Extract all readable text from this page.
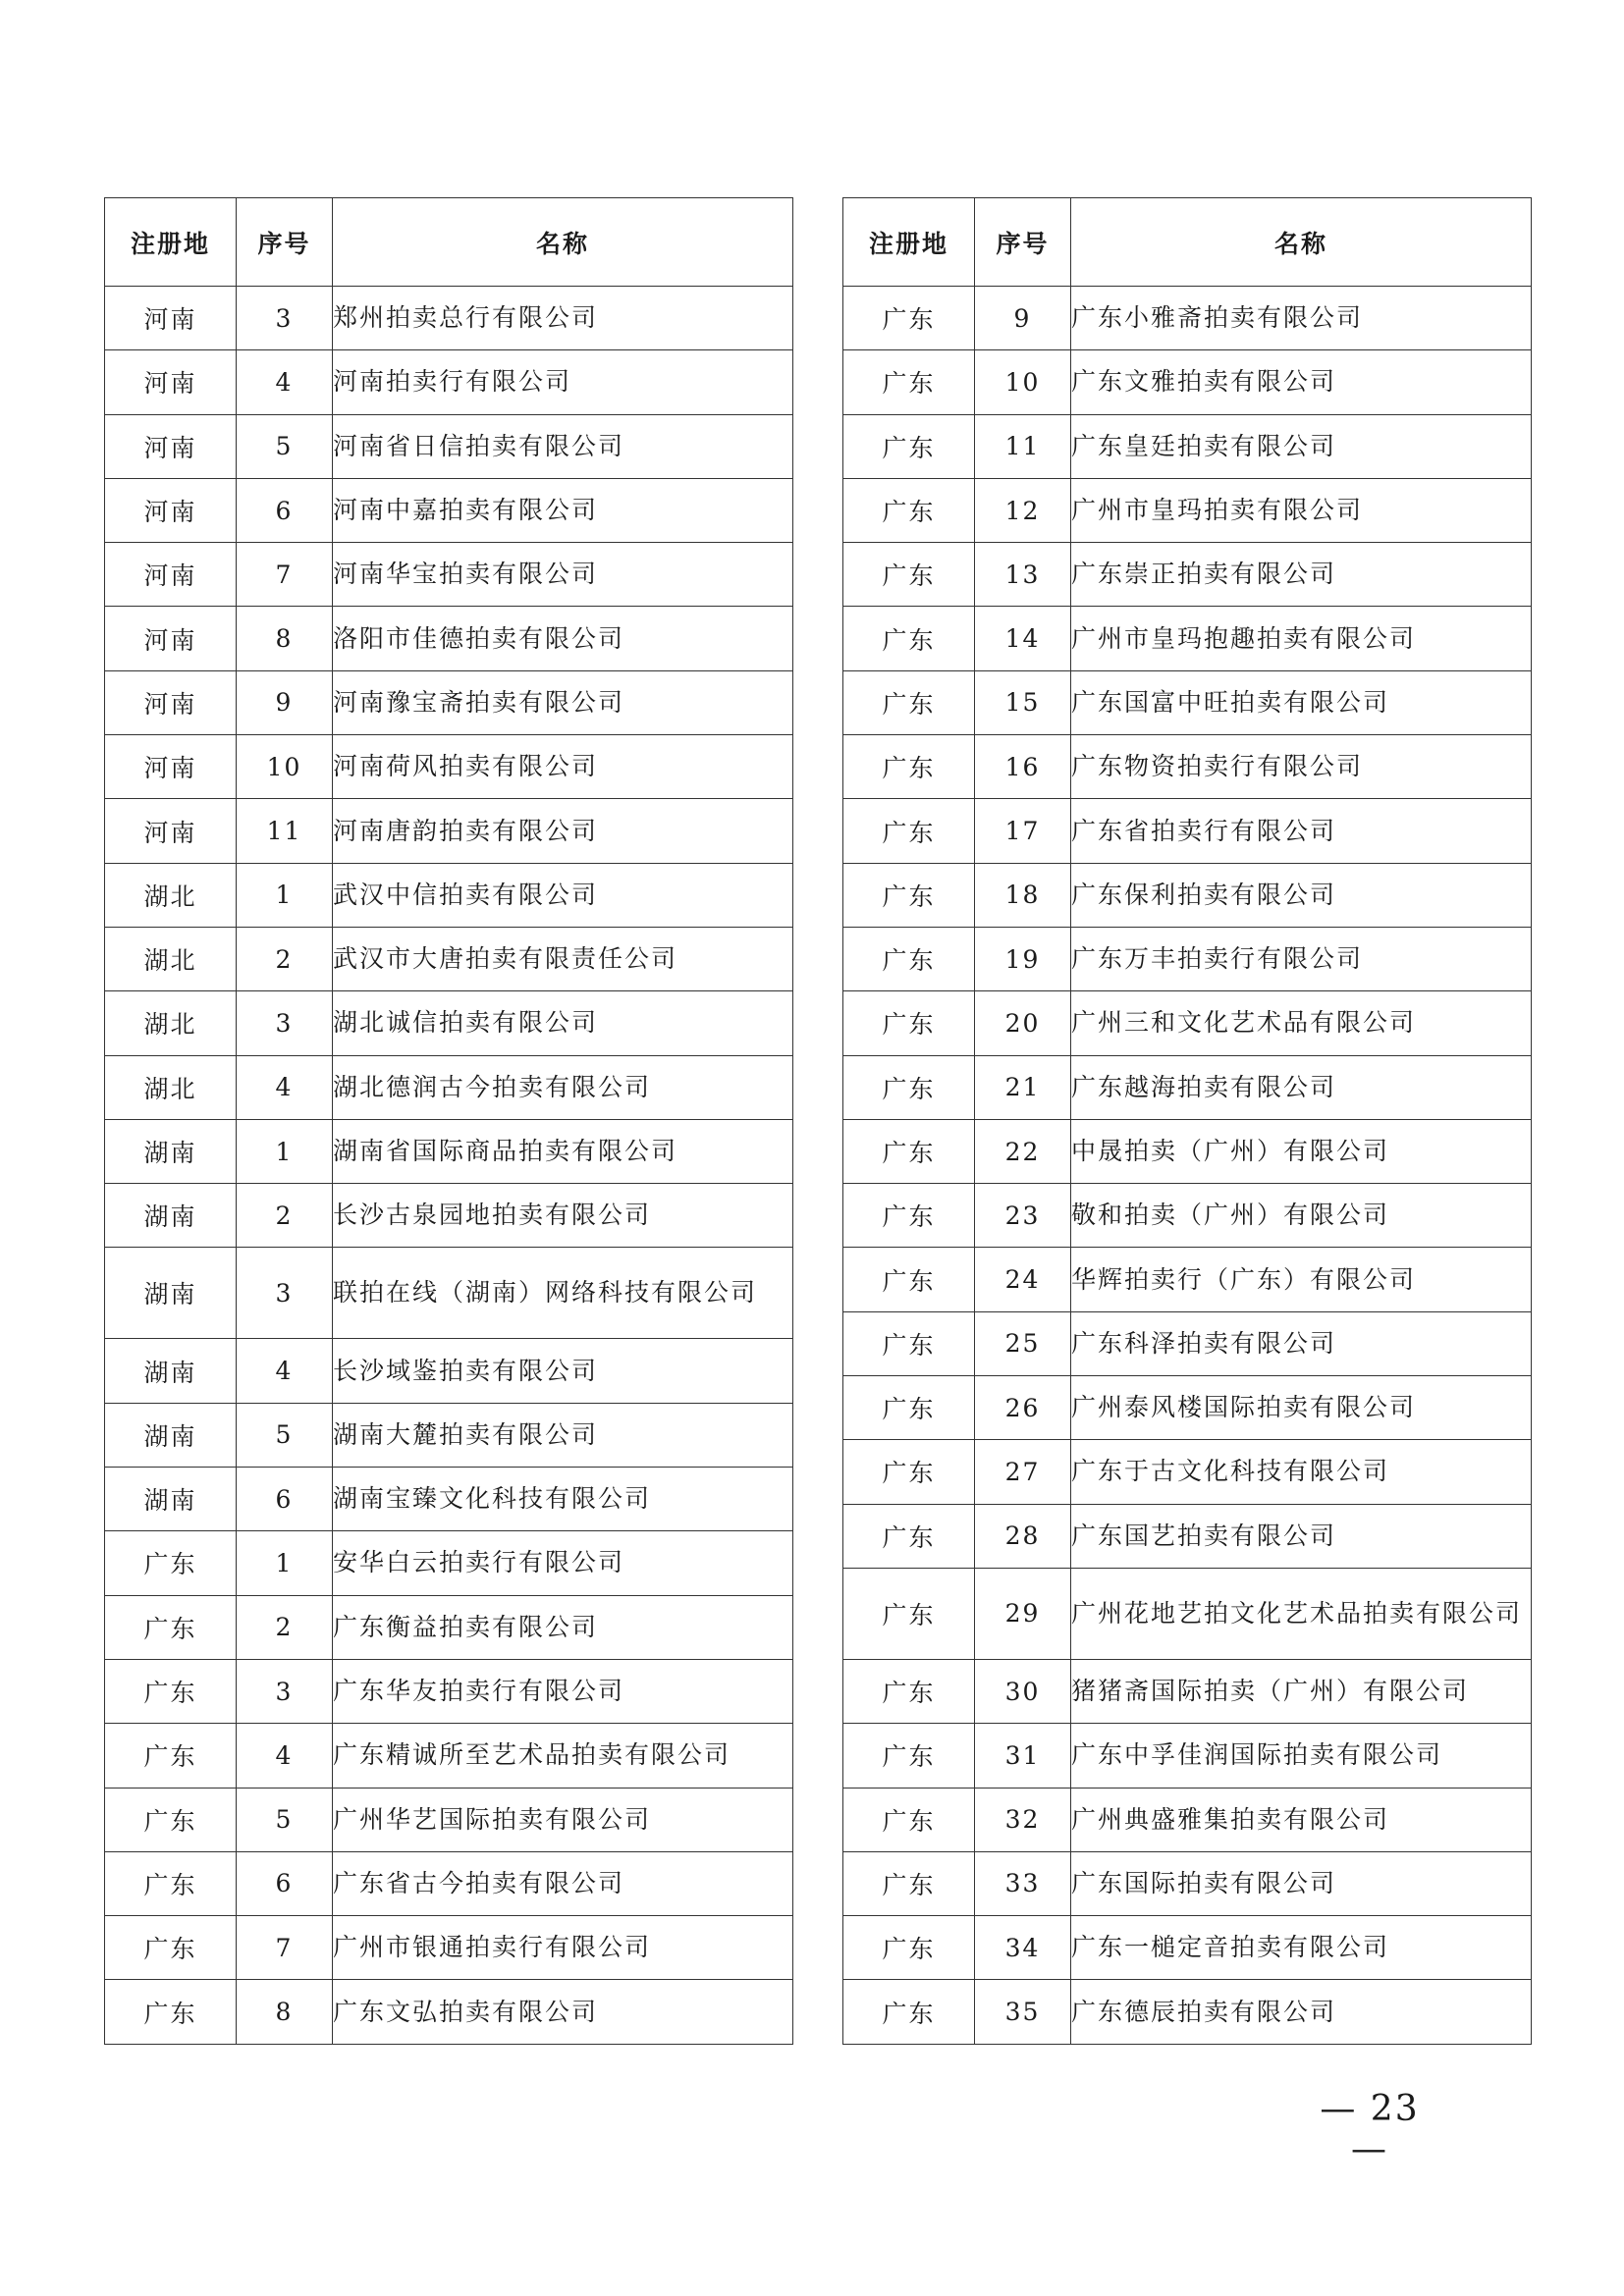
注册地	序号	名称
河南	3	郑州拍卖总行有限公司
河南	4	河南拍卖行有限公司
河南	5	河南省日信拍卖有限公司
河南	6	河南中嘉拍卖有限公司
河南	7	河南华宝拍卖有限公司
河南	8	洛阳市佳德拍卖有限公司
河南	9	河南豫宝斋拍卖有限公司
河南	10	河南荷风拍卖有限公司
河南	11	河南唐韵拍卖有限公司
湖北	1	武汉中信拍卖有限公司
湖北	2	武汉市大唐拍卖有限责任公司
湖北	3	湖北诚信拍卖有限公司
湖北	4	湖北德润古今拍卖有限公司
湖南	1	湖南省国际商品拍卖有限公司
湖南	2	长沙古泉园地拍卖有限公司
湖南	3	联拍在线（湖南）网络科技有限公司
湖南	4	长沙域鉴拍卖有限公司
湖南	5	湖南大麓拍卖有限公司
湖南	6	湖南宝臻文化科技有限公司
广东	1	安华白云拍卖行有限公司
广东	2	广东衡益拍卖有限公司
广东	3	广东华友拍卖行有限公司
广东	4	广东精诚所至艺术品拍卖有限公司
广东	5	广州华艺国际拍卖有限公司
广东	6	广东省古今拍卖有限公司
广东	7	广州市银通拍卖行有限公司
广东	8	广东文弘拍卖有限公司
注册地	序号	名称
广东	9	广东小雅斋拍卖有限公司
广东	10	广东文雅拍卖有限公司
广东	11	广东皇廷拍卖有限公司
广东	12	广州市皇玛拍卖有限公司
广东	13	广东崇正拍卖有限公司
广东	14	广州市皇玛抱趣拍卖有限公司
广东	15	广东国富中旺拍卖有限公司
广东	16	广东物资拍卖行有限公司
广东	17	广东省拍卖行有限公司
广东	18	广东保利拍卖有限公司
广东	19	广东万丰拍卖行有限公司
广东	20	广州三和文化艺术品有限公司
广东	21	广东越海拍卖有限公司
广东	22	中晟拍卖（广州）有限公司
广东	23	敬和拍卖（广州）有限公司
广东	24	华辉拍卖行（广东）有限公司
广东	25	广东科泽拍卖有限公司
广东	26	广州泰风楼国际拍卖有限公司
广东	27	广东于古文化科技有限公司
广东	28	广东国艺拍卖有限公司
广东	29	广州花地艺拍文化艺术品拍卖有限公司
广东	30	猪猪斋国际拍卖（广州）有限公司
广东	31	广东中孚佳润国际拍卖有限公司
广东	32	广州典盛雅集拍卖有限公司
广东	33	广东国际拍卖有限公司
广东	34	广东一槌定音拍卖有限公司
广东	35	广东德辰拍卖有限公司
— 23 —
